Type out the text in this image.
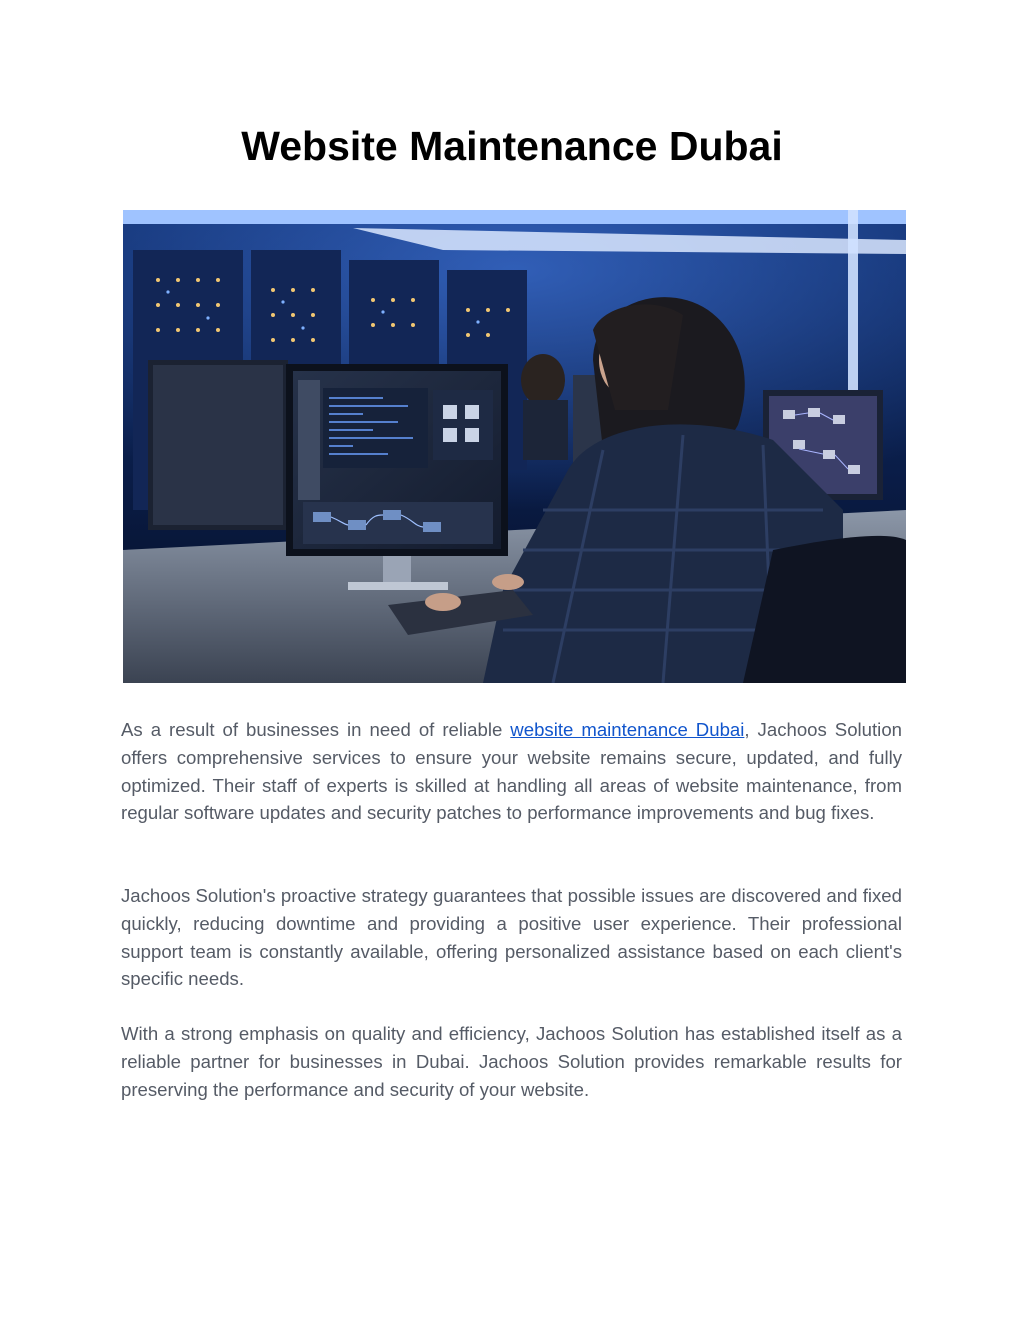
Website Maintenance Dubai

As a result of businesses in need of reliable website maintenance Dubai, Jachoos Solution offers comprehensive services to ensure your website remains secure, updated, and fully optimized. Their staff of experts is skilled at handling all areas of website maintenance, from regular software updates and security patches to performance improvements and bug fixes.

Jachoos Solution's proactive strategy guarantees that possible issues are discovered and fixed quickly, reducing downtime and providing a positive user experience. Their professional support team is constantly available, offering personalized assistance based on each client's specific needs.

With a strong emphasis on quality and efficiency, Jachoos Solution has established itself as a reliable partner for businesses in Dubai. Jachoos Solution provides remarkable results for preserving the performance and security of your website.
